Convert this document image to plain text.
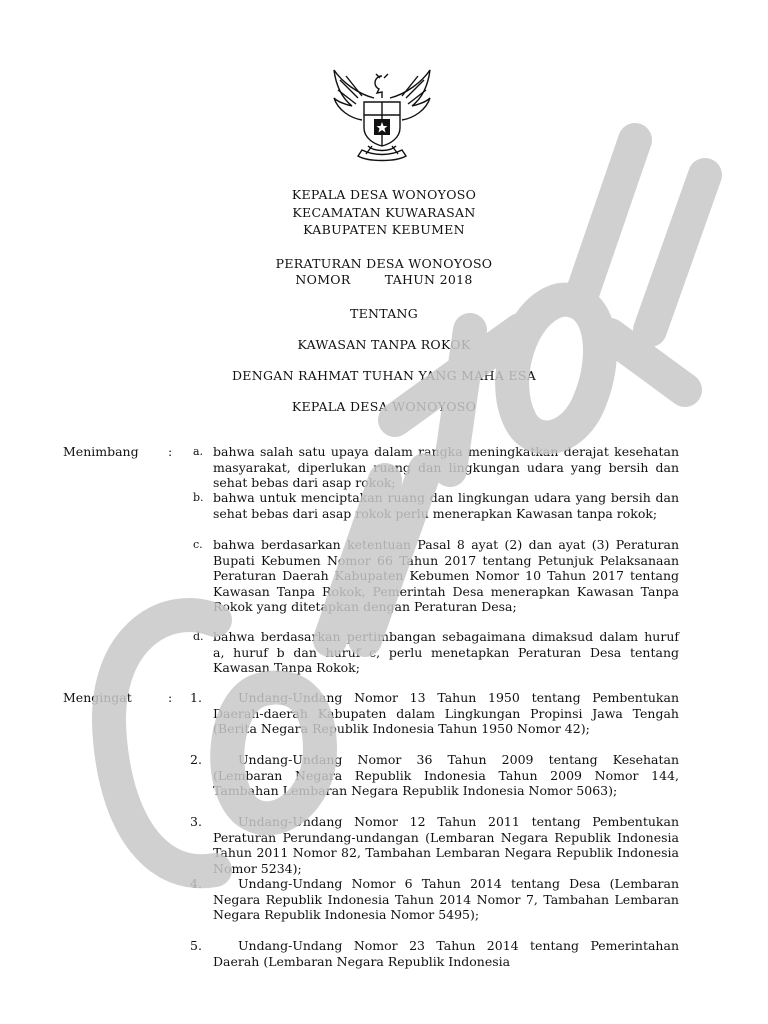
KEPALA DESA WONOYOSO
KECAMATAN KUWARASAN
KABUPATEN KEBUMEN
PERATURAN DESA WONOYOSO
NOMOR        TAHUN 2018
TENTANG
KAWASAN TANPA ROKOK
DENGAN RAHMAT TUHAN YANG MAHA ESA
KEPALA DESA WONOYOSO
Menimbang : a. bahwa salah satu upaya dalam rangka meningkatkan derajat kesehatan masyarakat, diperlukan ruang dan lingkungan udara yang bersih dan sehat bebas dari asap rokok;
b. bahwa untuk menciptakan ruang dan lingkungan udara yang bersih dan sehat bebas dari asap rokok perlu menerapkan Kawasan tanpa rokok;
c. bahwa berdasarkan ketentuan Pasal 8 ayat (2) dan ayat (3) Peraturan Bupati Kebumen Nomor 66 Tahun 2017 tentang Petunjuk Pelaksanaan Peraturan Daerah Kabupaten Kebumen Nomor 10 Tahun 2017 tentang Kawasan Tanpa Rokok, Pemerintah Desa menerapkan Kawasan Tanpa Rokok yang ditetapkan dengan Peraturan Desa;
d. bahwa berdasarkan pertimbangan sebagaimana dimaksud dalam huruf a, huruf b dan huruf c, perlu menetapkan Peraturan Desa tentang Kawasan Tanpa Rokok;
Mengingat	: 1.	Undang-Undang Nomor 13 Tahun 1950 tentang Pembentukan Daerah-daerah Kabupaten dalam Lingkungan Propinsi Jawa Tengah (Berita Negara Republik Indonesia Tahun 1950 Nomor 42);
2.	Undang-Undang Nomor 36 Tahun 2009 tentang Kesehatan (Lembaran Negara Republik Indonesia Tahun 2009 Nomor 144, Tambahan Lembaran Negara Republik Indonesia Nomor 5063);
3.	Undang-Undang Nomor 12 Tahun 2011 tentang Pembentukan Peraturan Perundang-undangan (Lembaran Negara Republik Indonesia Tahun 2011 Nomor 82, Tambahan Lembaran Negara Republik Indonesia Nomor 5234);
4.	Undang-Undang Nomor 6 Tahun 2014 tentang Desa (Lembaran Negara Republik Indonesia Tahun 2014 Nomor 7, Tambahan Lembaran Negara Republik Indonesia Nomor 5495);
5.	Undang-Undang Nomor 23 Tahun 2014 tentang Pemerintahan Daerah (Lembaran Negara Republik Indonesia
